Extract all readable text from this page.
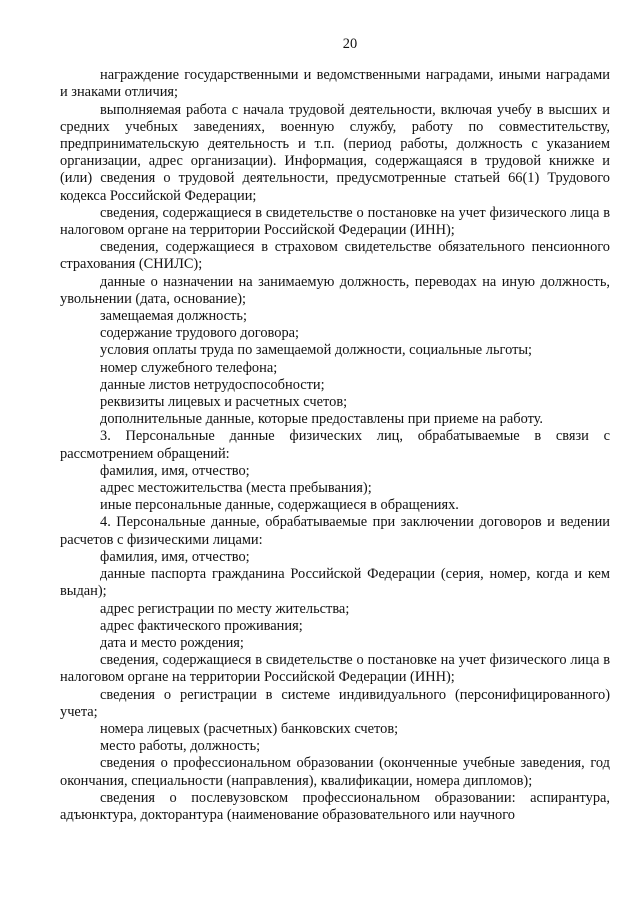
20

награждение государственными и ведомственными наградами, иными наградами и знаками отличия;

выполняемая работа с начала трудовой деятельности, включая учебу в высших и средних учебных заведениях, военную службу, работу по совместительству, предпринимательскую деятельность и т.п. (период работы, должность с указанием организации, адрес организации). Информация, содержащаяся в трудовой книжке и (или) сведения о трудовой деятельности, предусмотренные статьей 66(1) Трудового кодекса Российской Федерации;

сведения, содержащиеся в свидетельстве о постановке на учет физического лица в налоговом органе на территории Российской Федерации (ИНН);

сведения, содержащиеся в страховом свидетельстве обязательного пенсионного страхования (СНИЛС);

данные о назначении на занимаемую должность, переводах на иную должность, увольнении (дата, основание);

замещаемая должность;

содержание трудового договора;

условия оплаты труда по замещаемой должности, социальные льготы;

номер служебного телефона;

данные листов нетрудоспособности;

реквизиты лицевых и расчетных счетов;

дополнительные данные, которые предоставлены при приеме на работу.

3. Персональные данные физических лиц, обрабатываемые в связи с рассмотрением обращений:

фамилия, имя, отчество;

адрес местожительства (места пребывания);

иные персональные данные, содержащиеся в обращениях.

4. Персональные данные, обрабатываемые при заключении договоров и ведении расчетов с физическими лицами:

фамилия, имя, отчество;

данные паспорта гражданина Российской Федерации (серия, номер, когда и кем выдан);

адрес регистрации по месту жительства;

адрес фактического проживания;

дата и место рождения;

сведения, содержащиеся в свидетельстве о постановке на учет физического лица в налоговом органе на территории Российской Федерации (ИНН);

сведения о регистрации в системе индивидуального (персонифицированного) учета;

номера лицевых (расчетных) банковских счетов;

место работы, должность;

сведения о профессиональном образовании (оконченные учебные заведения, год окончания, специальности (направления), квалификации, номера дипломов);

сведения о послевузовском профессиональном образовании: аспирантура, адъюнктура, докторантура (наименование образовательного или научного
